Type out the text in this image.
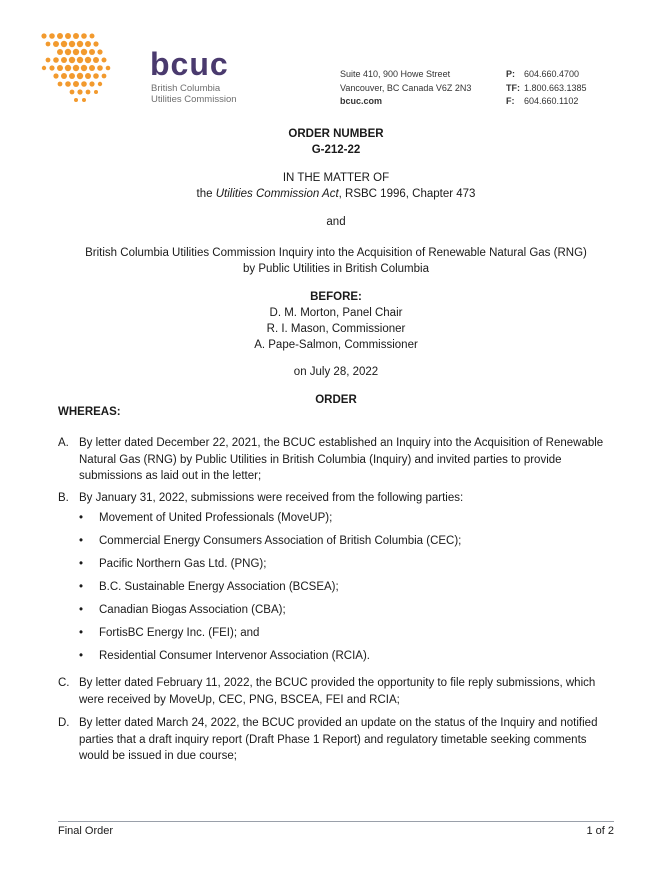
bcuc
British Columbia
Utilities Commission
Suite 410, 900 Howe Street
Vancouver, BC Canada V6Z 2N3
bcuc.com
P:	604.660.4700
TF: 1.800.663.1385
F:	604.660.1102
ORDER NUMBER
G-212-22
IN THE MATTER OF
the Utilities Commission Act, RSBC 1996, Chapter 473
and
British Columbia Utilities Commission Inquiry into the Acquisition of Renewable Natural Gas (RNG)
by Public Utilities in British Columbia
BEFORE:
D. M. Morton, Panel Chair
R. I. Mason, Commissioner
A. Pape-Salmon, Commissioner
on July 28, 2022
ORDER
WHEREAS:
A. By letter dated December 22, 2021, the BCUC established an Inquiry into the Acquisition of Renewable Natural Gas (RNG) by Public Utilities in British Columbia (Inquiry) and invited parties to provide submissions as laid out in the letter;
B. By January 31, 2022, submissions were received from the following parties:
•	Movement of United Professionals (MoveUP);
•	Commercial Energy Consumers Association of British Columbia (CEC);
•	Pacific Northern Gas Ltd. (PNG);
•	B.C. Sustainable Energy Association (BCSEA);
•	Canadian Biogas Association (CBA);
•	FortisBC Energy Inc. (FEI); and
•	Residential Consumer Intervenor Association (RCIA).
C. By letter dated February 11, 2022, the BCUC provided the opportunity to file reply submissions, which were received by MoveUp, CEC, PNG, BSCEA, FEI and RCIA;
D. By letter dated March 24, 2022, the BCUC provided an update on the status of the Inquiry and notified parties that a draft inquiry report (Draft Phase 1 Report) and regulatory timetable seeking comments would be issued in due course;
Final Order	1 of 2
